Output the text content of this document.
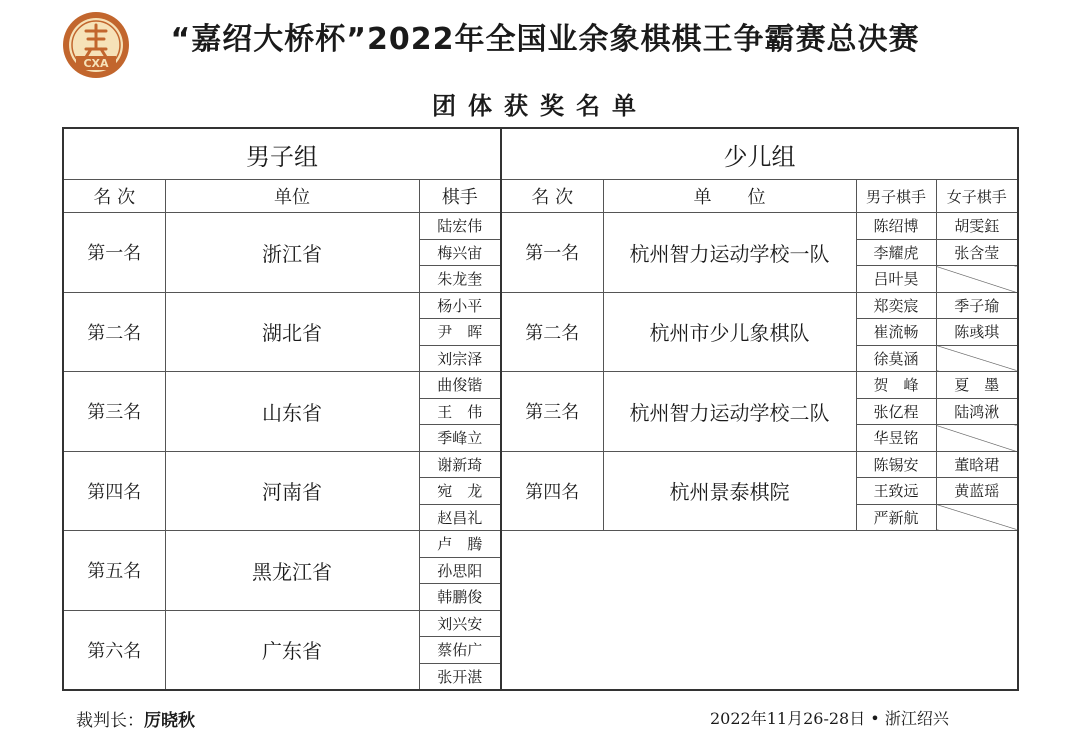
CXA
“嘉绍大桥杯”2022年全国业余象棋棋王争霸赛总决赛
团体获奖名单
男子组			少儿组			
名 次	单位	棋手	名 次	单　　位	男子棋手	女子棋手
第一名	浙江省	陆宏伟	第一名	杭州智力运动学校一队	陈绍博	胡雯鈺
		梅兴宙			李耀虎	张含莹
		朱龙奎			吕叶昊	
第二名	湖北省	杨小平	第二名	杭州市少儿象棋队	郑奕宸	季子瑜
		尹　晖			崔流畅	陈彧琪
		刘宗泽			徐莫涵	
第三名	山东省	曲俊锴	第三名	杭州智力运动学校二队	贺　峰	夏　墨
		王　伟			张亿程	陆鸿湫
		季峰立			华昱铭	
第四名	河南省	谢新琦	第四名	杭州景泰棋院	陈锡安	董晗珺
		宛　龙			王致远	黄蓝瑶
		赵昌礼			严新航	
第五名	黑龙江省	卢　腾				
		孙思阳				
		韩鹏俊				
第六名	广东省	刘兴安				
		蔡佑广				
		张开湛				
裁判长：厉晓秋	2022年11月26-28日 • 浙江绍兴
